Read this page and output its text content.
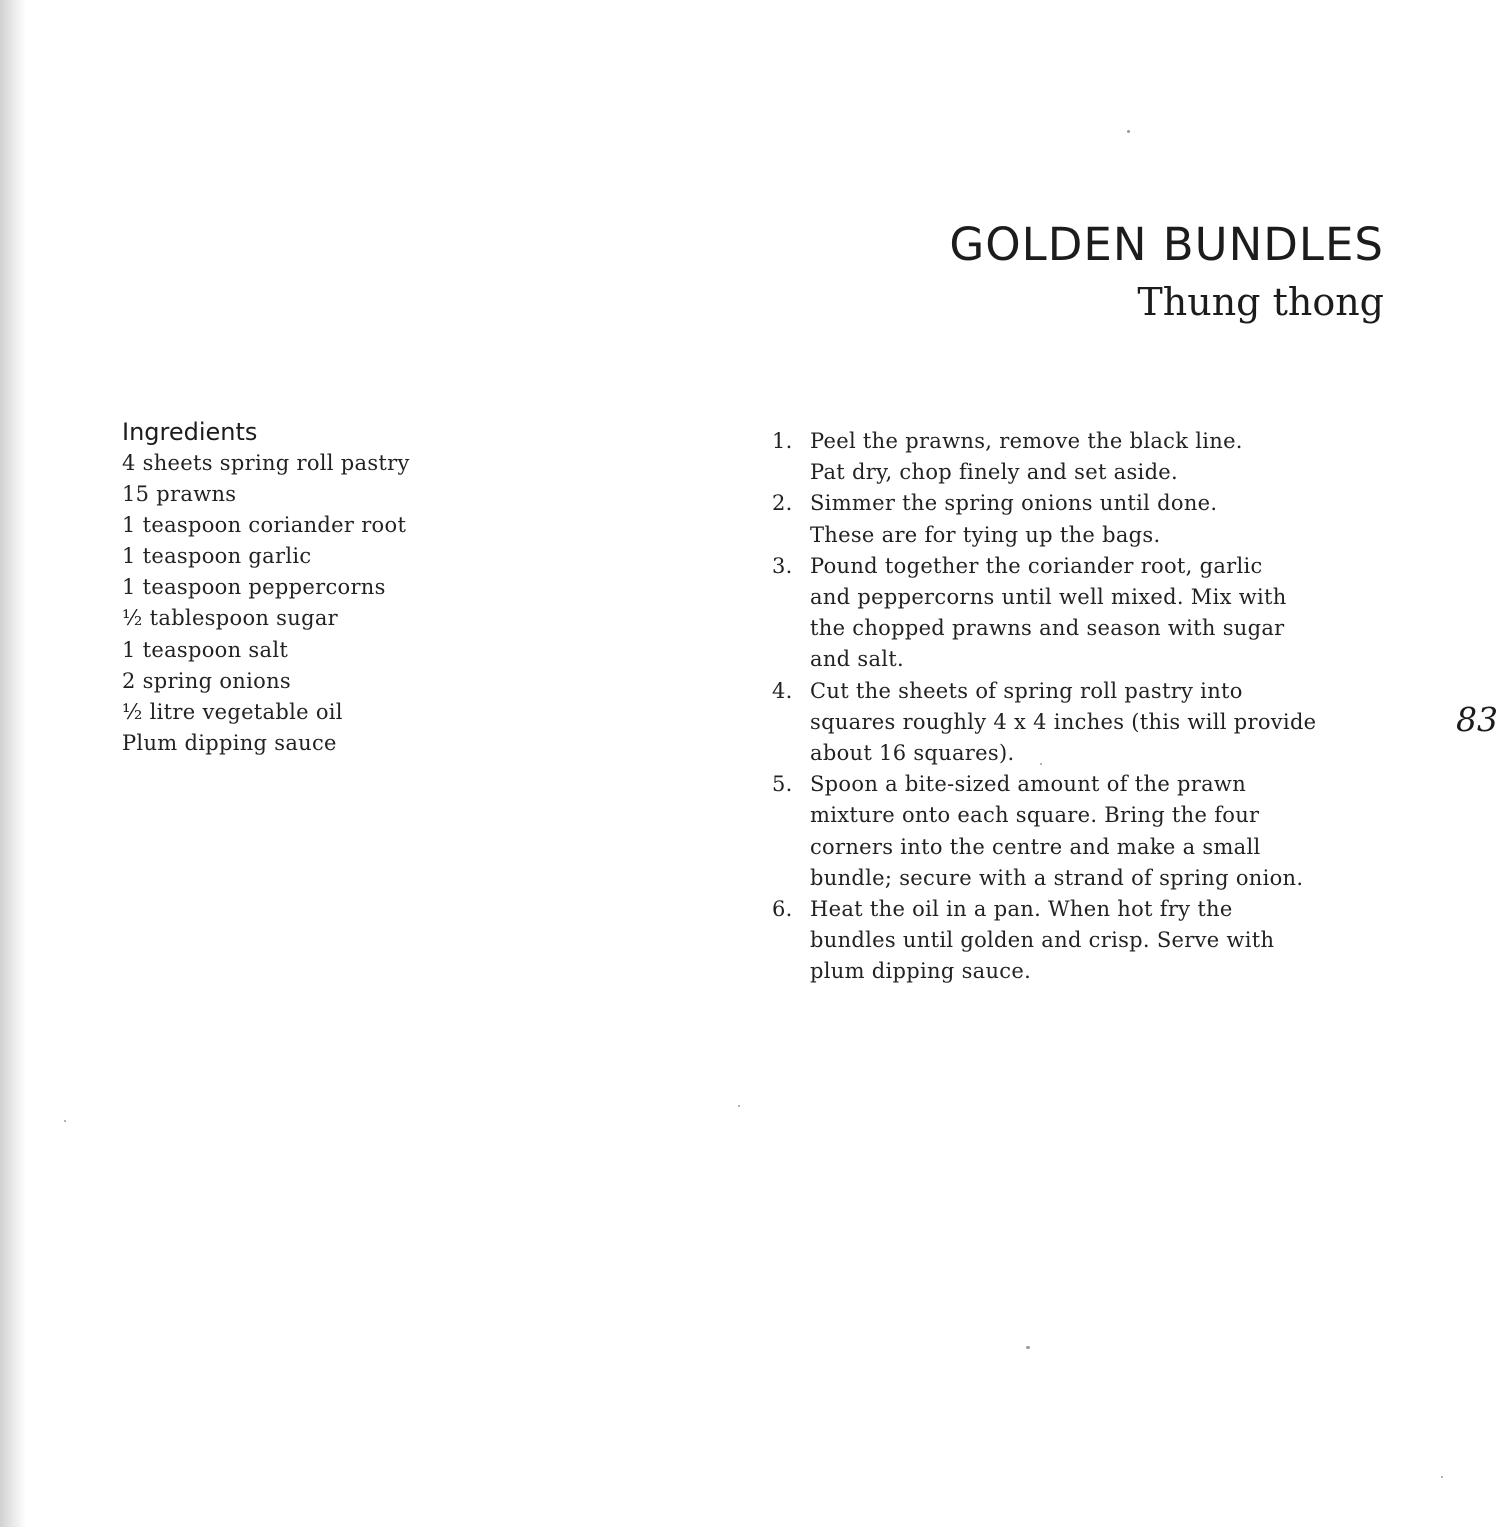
GOLDEN BUNDLES
Thung thong
Ingredients
4 sheets spring roll pastry
15 prawns
1 teaspoon coriander root
1 teaspoon garlic
1 teaspoon peppercorns
½ tablespoon sugar
1 teaspoon salt
2 spring onions
½ litre vegetable oil
Plum dipping sauce
1. Peel the prawns, remove the black line.
Pat dry, chop finely and set aside.
2. Simmer the spring onions until done.
These are for tying up the bags.
3. Pound together the coriander root, garlic
and peppercorns until well mixed. Mix with
the chopped prawns and season with sugar
and salt.
4. Cut the sheets of spring roll pastry into
squares roughly 4 x 4 inches (this will provide
about 16 squares).
5. Spoon a bite-sized amount of the prawn
mixture onto each square. Bring the four
corners into the centre and make a small
bundle; secure with a strand of spring onion.
6. Heat the oil in a pan. When hot fry the
bundles until golden and crisp. Serve with
plum dipping sauce.
83
